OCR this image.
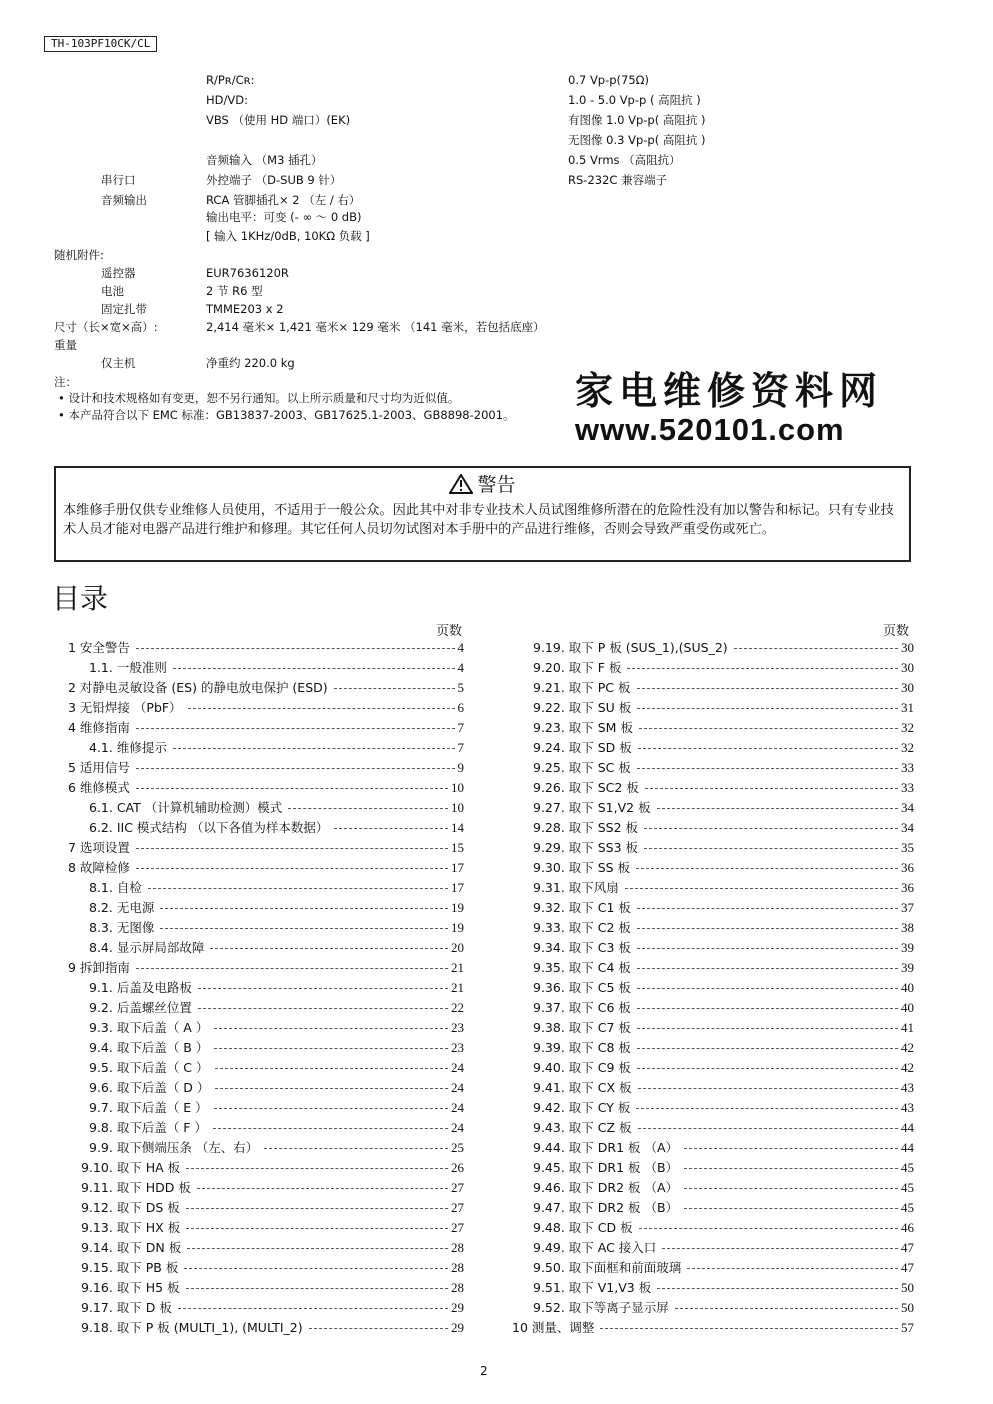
TH-103PF10CK/CL
R/Pʀ/Cʀ:	0.7 Vp-p(75Ω)
HD/VD:	1.0 - 5.0 Vp-p ( 高阻抗 )
VBS （使用 HD 端口）(EK)	有图像 1.0 Vp-p( 高阻抗 )
无图像 0.3 Vp-p( 高阻抗 )
音频输入 （M3 插孔）	0.5 Vrms （高阻抗）
串行口	外控端子 （D-SUB 9 针）	RS-232C 兼容端子
音频输出	RCA 管脚插孔× 2 （左 / 右）
输出电平：可变 (- ∞ ～ 0 dB)
[ 输入 1KHz/0dB, 10KΩ 负载 ]
随机附件:
遥控器	EUR7636120R
电池	2 节 R6 型
固定扎带	TMME203 x 2
尺寸（长×宽×高）:	2,414 毫米× 1,421 毫米× 129 毫米 （141 毫米，若包括底座）
重量
仅主机	净重约 220.0 kg
注：
• 设计和技术规格如有变更，恕不另行通知。以上所示质量和尺寸均为近似值。
• 本产品符合以下 EMC 标准：GB13837-2003、GB17625.1-2003、GB8898-2001。
家电维修资料网
www.520101.com
警告
本维修手册仅供专业维修人员使用，不适用于一般公众。因此其中对非专业技术人员试图维修所潜在的危险性没有加以警告和标记。只有专业技术人员才能对电器产品进行维护和修理。其它任何人员切勿试图对本手册中的产品进行维修，否则会导致严重受伤或死亡。
目录
页数	页数
1 安全警告	4
1.1. 一般准则	4
2 对静电灵敏设备 (ES) 的静电放电保护 (ESD)	5
3 无铅焊接 （PbF）	6
4 维修指南	7
4.1. 维修提示	7
5 适用信号	9
6 维修模式	10
6.1. CAT （计算机辅助检测）模式	10
6.2. IIC 模式结构 （以下各值为样本数据）	14
7 选项设置	15
8 故障检修	17
8.1. 自检	17
8.2. 无电源	19
8.3. 无图像	19
8.4. 显示屏局部故障	20
9 拆卸指南	21
9.1. 后盖及电路板	21
9.2. 后盖螺丝位置	22
9.3. 取下后盖（ A ）	23
9.4. 取下后盖（ B ）	23
9.5. 取下后盖（ C ）	24
9.6. 取下后盖（ D ）	24
9.7. 取下后盖（ E ）	24
9.8. 取下后盖（ F ）	24
9.9. 取下侧端压条 （左、右）	25
9.10. 取下 HA 板	26
9.11. 取下 HDD 板	27
9.12. 取下 DS 板	27
9.13. 取下 HX 板	27
9.14. 取下 DN 板	28
9.15. 取下 PB 板	28
9.16. 取下 H5 板	28
9.17. 取下 D 板	29
9.18. 取下 P 板 (MULTI_1), (MULTI_2)	29
9.19. 取下 P 板 (SUS_1),(SUS_2)	30
9.20. 取下 F 板	30
9.21. 取下 PC 板	30
9.22. 取下 SU 板	31
9.23. 取下 SM 板	32
9.24. 取下 SD 板	32
9.25. 取下 SC 板	33
9.26. 取下 SC2 板	33
9.27. 取下 S1,V2 板	34
9.28. 取下 SS2 板	34
9.29. 取下 SS3 板	35
9.30. 取下 SS 板	36
9.31. 取下风扇	36
9.32. 取下 C1 板	37
9.33. 取下 C2 板	38
9.34. 取下 C3 板	39
9.35. 取下 C4 板	39
9.36. 取下 C5 板	40
9.37. 取下 C6 板	40
9.38. 取下 C7 板	41
9.39. 取下 C8 板	42
9.40. 取下 C9 板	42
9.41. 取下 CX 板	43
9.42. 取下 CY 板	43
9.43. 取下 CZ 板	44
9.44. 取下 DR1 板 （A）	44
9.45. 取下 DR1 板 （B）	45
9.46. 取下 DR2 板 （A）	45
9.47. 取下 DR2 板 （B）	45
9.48. 取下 CD 板	46
9.49. 取下 AC 接入口	47
9.50. 取下面框和前面玻璃	47
9.51. 取下 V1,V3 板	50
9.52. 取下等离子显示屏	50
10 测量、调整	57
2
